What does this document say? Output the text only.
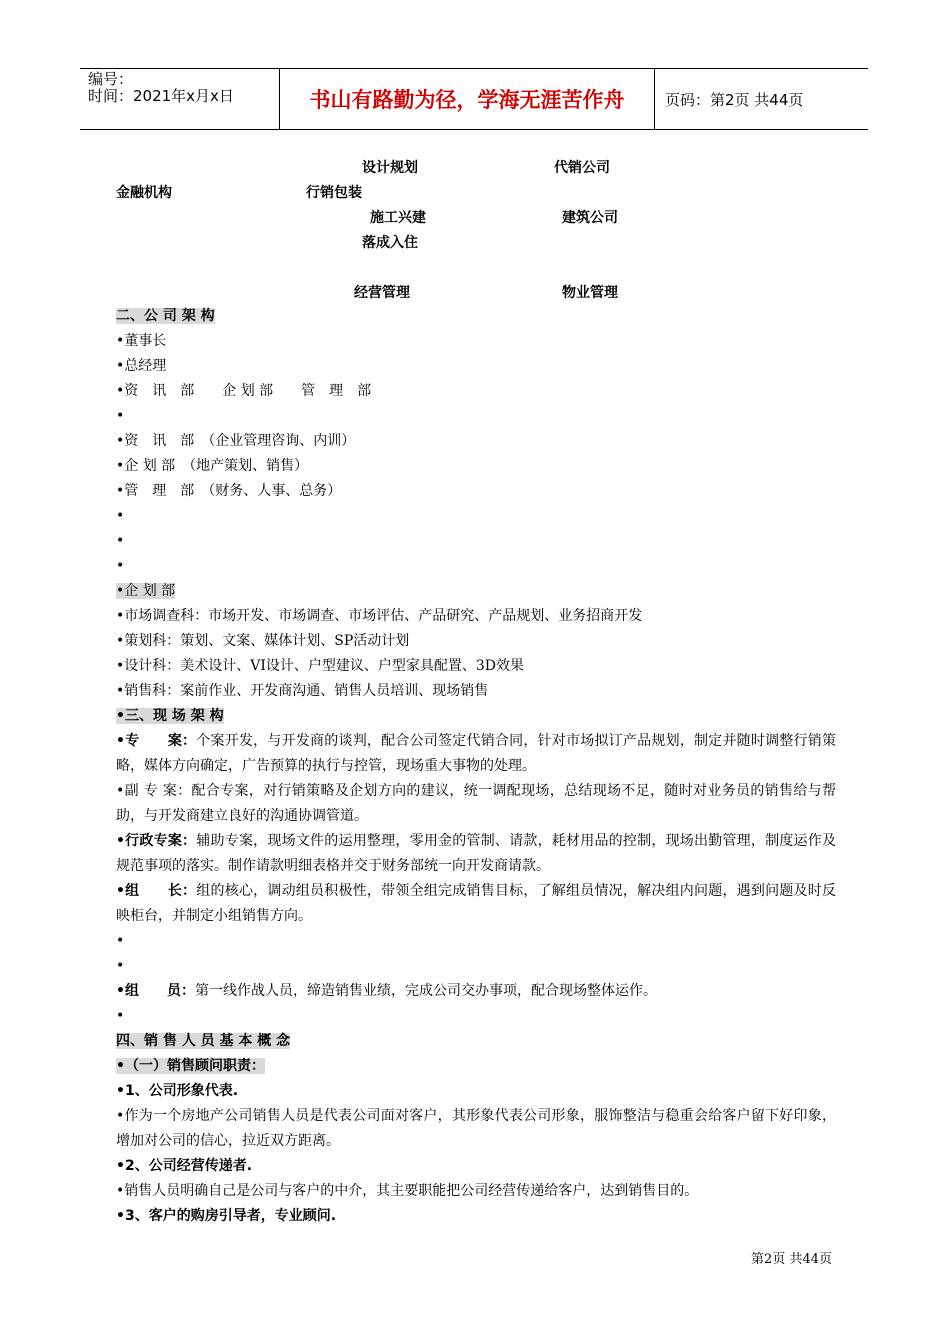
编号：
时间：2021年x月x日	书山有路勤为径，学海无涯苦作舟	页码：第2页 共44页
设计规划	代销公司
金融机构	行销包装
施工兴建	建筑公司
落成入住
经营管理	物业管理
二、公 司 架 构
•董事长
•总经理
•资　讯　部　　企 划 部　　管　理　部
•
•资　讯　部　（企业管理咨询、内训）
•企 划 部　（地产策划、销售）
•管　理　部　（财务、人事、总务）
•
•
•
•企 划 部
•市场调查科：市场开发、市场调查、市场评估、产品研究、产品规划、业务招商开发
•策划科：策划、文案、媒体计划、SP活动计划
•设计科：美术设计、VI设计、户型建议、户型家具配置、3D效果
•销售科：案前作业、开发商沟通、销售人员培训、现场销售
•三、现 场 架 构
•专　　案：个案开发，与开发商的谈判，配合公司签定代销合同，针对市场拟订产品规划，制定并随时调整行销策略，媒体方向确定，广告预算的执行与控管，现场重大事物的处理。
•副 专 案：配合专案，对行销策略及企划方向的建议，统一调配现场，总结现场不足，随时对业务员的销售给与帮助，与开发商建立良好的沟通协调管道。
•行政专案：辅助专案，现场文件的运用整理，零用金的管制、请款，耗材用品的控制，现场出勤管理，制度运作及规范事项的落实。制作请款明细表格并交于财务部统一向开发商请款。
•组　　长：组的核心，调动组员积极性，带领全组完成销售目标，了解组员情况，解决组内问题，遇到问题及时反映柜台，并制定小组销售方向。
•
•
•组　　员：第一线作战人员，缔造销售业绩，完成公司交办事项，配合现场整体运作。
•
四、销 售 人 员 基 本 概 念
•（一）销售顾问职责：
•1、公司形象代表.
•作为一个房地产公司销售人员是代表公司面对客户，其形象代表公司形象，服饰整洁与稳重会给客户留下好印象，增加对公司的信心，拉近双方距离。
•2、公司经营传递者.
•销售人员明确自己是公司与客户的中介，其主要职能把公司经营传递给客户，达到销售目的。
•3、客户的购房引导者，专业顾问.
第2页 共44页
